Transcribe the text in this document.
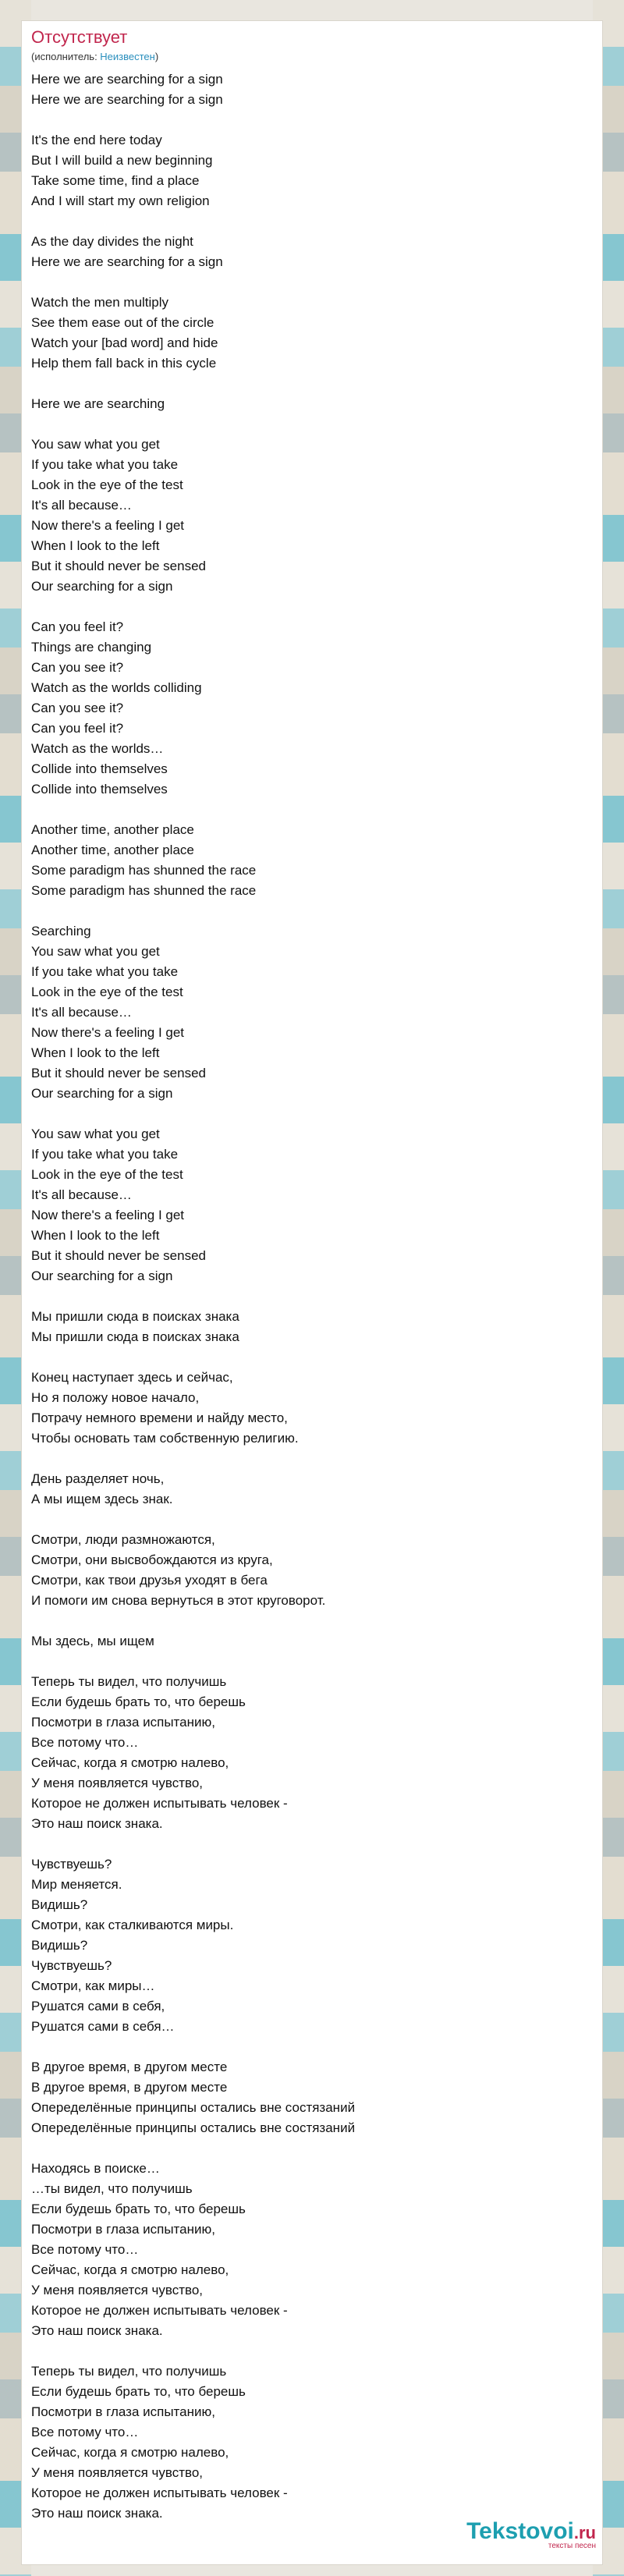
Отсутствует
(исполнитель: Неизвестен)
Here we are searching for a sign
Here we are searching for a sign
It's the end here today
But I will build a new beginning
Take some time, find a place
And I will start my own religion
As the day divides the night
Here we are searching for a sign
Watch the men multiply
See them ease out of the circle
Watch your [bad word] and hide
Help them fall back in this cycle
Here we are searching
You saw what you get
If you take what you take
Look in the eye of the test
It's all because…
Now there's a feeling I get
When I look to the left
But it should never be sensed
Our searching for a sign
Can you feel it?
Things are changing
Can you see it?
Watch as the worlds colliding
Can you see it?
Can you feel it?
Watch as the worlds…
Collide into themselves
Collide into themselves
Another time, another place
Another time, another place
Some paradigm has shunned the race
Some paradigm has shunned the race
Searching
You saw what you get
If you take what you take
Look in the eye of the test
It's all because…
Now there's a feeling I get
When I look to the left
But it should never be sensed
Our searching for a sign
You saw what you get
If you take what you take
Look in the eye of the test
It's all because…
Now there's a feeling I get
When I look to the left
But it should never be sensed
Our searching for a sign
Мы пришли сюда в поисках знака
Мы пришли сюда в поисках знака
Конец наступает здесь и сейчас,
Но я положу новое начало,
Потрачу немного времени и найду место,
Чтобы основать там собственную религию.
День разделяет ночь,
А мы ищем здесь знак.
Смотри, люди размножаются,
Смотри, они высвобождаются из круга,
Смотри, как твои друзья уходят в бега
И помоги им снова вернуться в этот круговорот.
Мы здесь, мы ищем
Теперь ты видел, что получишь
Если будешь брать то, что берешь
Посмотри в глаза испытанию,
Все потому что…
Сейчас, когда я смотрю налево,
У меня появляется чувство,
Которое не должен испытывать человек -
Это наш поиск знака.
Чувствуешь?
Мир меняется.
Видишь?
Смотри, как сталкиваются миры.
Видишь?
Чувствуешь?
Смотри, как миры…
Рушатся сами в себя,
Рушатся сами в себя…
В другое время, в другом месте
В другое время, в другом месте
Опеределённые принципы остались вне состязаний
Опеределённые принципы остались вне состязаний
Находясь в поиске…
…ты видел, что получишь
Если будешь брать то, что берешь
Посмотри в глаза испытанию,
Все потому что…
Сейчас, когда я смотрю налево,
У меня появляется чувство,
Которое не должен испытывать человек -
Это наш поиск знака.
Теперь ты видел, что получишь
Если будешь брать то, что берешь
Посмотри в глаза испытанию,
Все потому что…
Сейчас, когда я смотрю налево,
У меня появляется чувство,
Которое не должен испытывать человек -
Это наш поиск знака.
Tekstovoi.ru
тексты песен
